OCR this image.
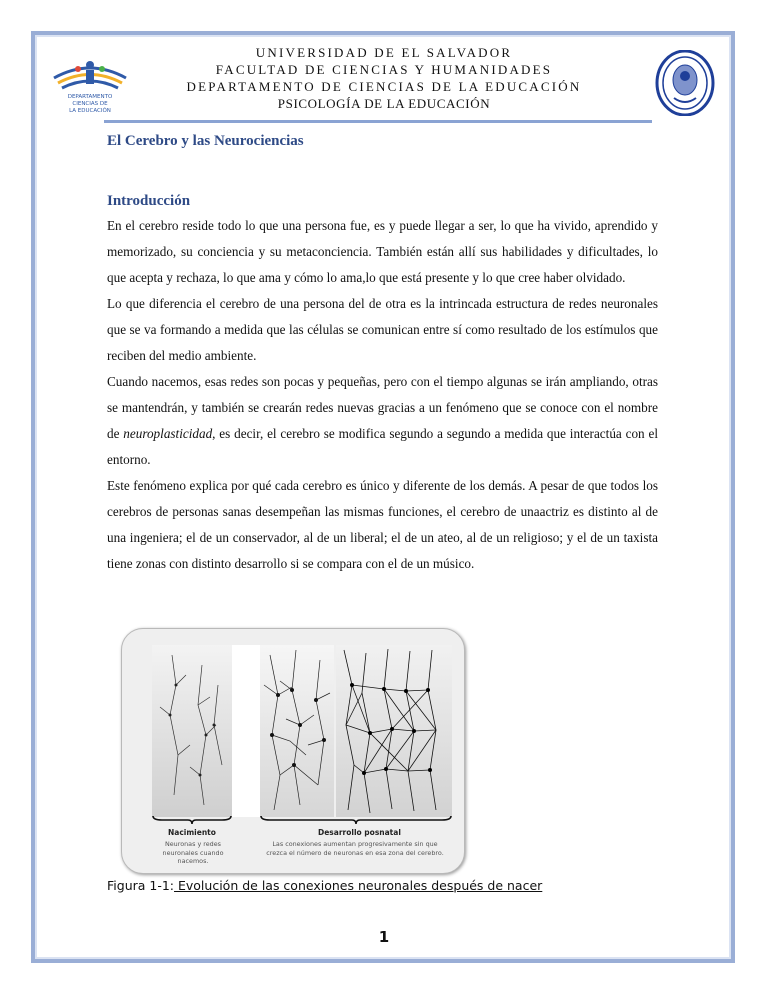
DEPARTAMENTO
CIENCIAS DE
LA EDUCACIÓN
UNIVERSIDAD DE EL SALVADOR
FACULTAD DE CIENCIAS Y HUMANIDADES
DEPARTAMENTO DE CIENCIAS DE LA EDUCACIÓN
PSICOLOGÍA DE LA EDUCACIÓN
El Cerebro y las Neurociencias
Introducción

En el cerebro reside todo lo que una persona fue, es y puede llegar a ser, lo que ha vivido, aprendido y memorizado, su conciencia y su metaconciencia. También están allí sus habilidades y dificultades, lo que acepta y rechaza, lo que ama y cómo lo ama,lo que está presente y lo que cree haber olvidado.

Lo que diferencia el cerebro de una persona del de otra es la intrincada estructura de redes neuronales que se va formando a medida que las células se comunican entre sí como resultado de los estímulos que reciben del medio ambiente.

Cuando nacemos, esas redes son pocas y pequeñas, pero con el tiempo algunas se irán ampliando, otras se mantendrán, y también se crearán redes nuevas gracias a un fenómeno que se conoce con el nombre de neuroplasticidad, es decir, el cerebro se modifica segundo a segundo a medida que interactúa con el entorno.

Este fenómeno explica por qué cada cerebro es único y diferente de los demás. A pesar de que todos los cerebros de personas sanas desempeñan las mismas funciones, el cerebro de unaactriz es distinto al de una ingeniera; el de un conservador, al de un liberal; el de un ateo, al de un religioso; y el de un taxista tiene zonas con distinto desarrollo si se compara con el de un músico.

Nacimiento
Neuronas y redes
neuronales cuando
nacemos.
Desarrollo posnatal
Las conexiones aumentan progresivamente sin que
crezca el número de neuronas en esa zona del cerebro.
Figura 1-1: Evolución de las conexiones neuronales después de nacer
1
